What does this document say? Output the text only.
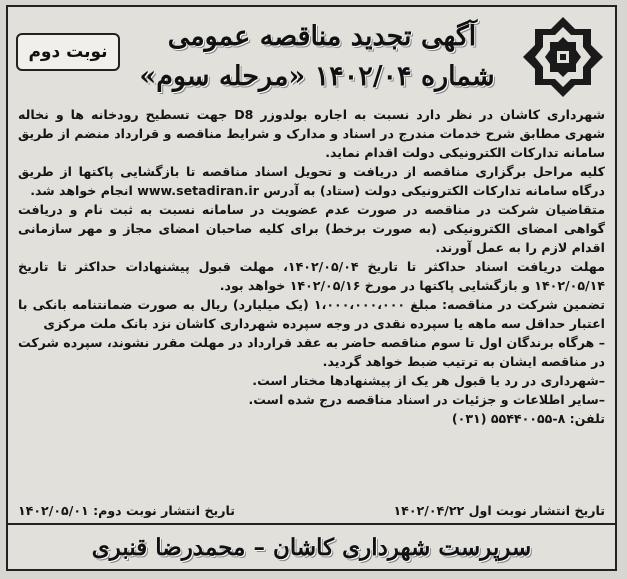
آگهی تجدید مناقصه عمومی
شماره ۱۴۰۲/۰۴ «مرحله سوم»
نوبت دوم

شهرداری کاشان در نظر دارد نسبت به اجاره بولدوزر D8 جهت تسطیح رودخانه ها و نخاله شهری مطابق شرح خدمات مندرج در اسناد و مدارک و شرایط مناقصه و قرارداد منضم از طریق سامانه تدارکات الکترونیکی دولت اقدام نماید.

کلیه مراحل برگزاری مناقصه از دریافت و تحویل اسناد مناقصه تا بازگشایی پاکتها از طریق درگاه سامانه تدارکات الکترونیکی دولت (ستاد) به آدرس www.setadiran.ir انجام خواهد شد.

متقاضیان شرکت در مناقصه در صورت عدم عضویت در سامانه نسبت به ثبت نام و دریافت گواهی امضای الکترونیکی (به صورت برخط) برای کلیه صاحبان امضای مجاز و مهر سازمانی اقدام لازم را به عمل آورند.

مهلت دریافت اسناد حداکثر تا تاریخ ۱۴۰۲/۰۵/۰۴، مهلت قبول پیشنهادات حداکثر تا تاریخ ۱۴۰۲/۰۵/۱۴ و بازگشایی پاکتها در مورخ ۱۴۰۲/۰۵/۱۶ خواهد بود.

تضمین شرکت در مناقصه: مبلغ ۱،۰۰۰،۰۰۰،۰۰۰ (یک میلیارد) ریال به صورت ضمانتنامه بانکی با اعتبار حداقل سه ماهه یا سپرده نقدی در وجه سپرده شهرداری کاشان نزد بانک ملت مرکزی

– هرگاه برندگان اول تا سوم مناقصه حاضر به عقد قرارداد در مهلت مقرر نشوند، سپرده شرکت در مناقصه ایشان به ترتیب ضبط خواهد گردید.

–شهرداری در رد یا قبول هر یک از پیشنهادها مختار است.

–سایر اطلاعات و جزئیات در اسناد مناقصه درج شده است.

تلفن: ۸-۵۵۴۴۰۰۵۵ (۰۳۱)

تاریخ انتشار نوبت اول ۱۴۰۲/۰۴/۲۲
تاریخ انتشار نوبت دوم: ۱۴۰۲/۰۵/۰۱
سرپرست شهرداری کاشان – محمدرضا قنبری
